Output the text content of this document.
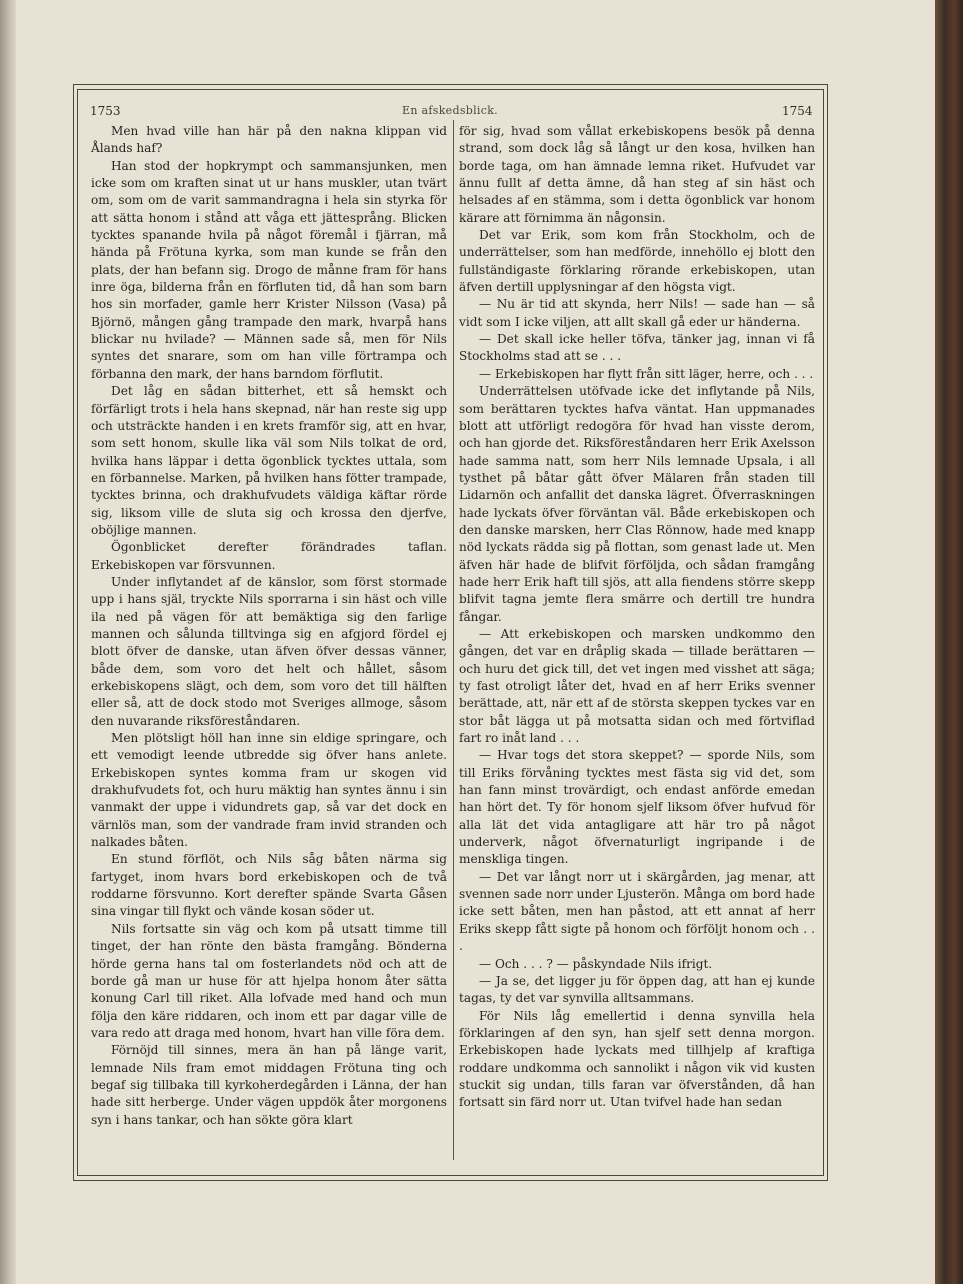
1753	En afskedsblick.	1754

Men hvad ville han här på den nakna klippan vid Ålands haf?

Han stod der hopkrympt och sammansjunken, men icke som om kraften sinat ut ur hans muskler, utan tvärt om, som om de varit sammandragna i hela sin styrka för att sätta honom i stånd att våga ett jättesprång. Blicken tycktes spanande hvila på något föremål i fjärran, må hända på Frötuna kyrka, som man kunde se från den plats, der han befann sig. Drogo de månne fram för hans inre öga, bilderna från en förfluten tid, då han som barn hos sin morfader, gamle herr Krister Nilsson (Vasa) på Björnö, mången gång trampade den mark, hvarpå hans blickar nu hvilade? — Männen sade så, men för Nils syntes det snarare, som om han ville förtrampa och förbanna den mark, der hans barndom förflutit.

Det låg en sådan bitterhet, ett så hemskt och förfärligt trots i hela hans skepnad, när han reste sig upp och utsträckte handen i en krets framför sig, att en hvar, som sett honom, skulle lika väl som Nils tolkat de ord, hvilka hans läppar i detta ögonblick tycktes uttala, som en förbannelse. Marken, på hvilken hans fötter trampade, tycktes brinna, och drakhufvudets väldiga käftar rörde sig, liksom ville de sluta sig och krossa den djerfve, oböjlige mannen.

Ögonblicket derefter förändrades taflan. Erkebiskopen var försvunnen.

Under inflytandet af de känslor, som först stormade upp i hans själ, tryckte Nils sporrarna i sin häst och ville ila ned på vägen för att bemäktiga sig den farlige mannen och sålunda tilltvinga sig en afgjord fördel ej blott öfver de danske, utan äfven öfver dessas vänner, både dem, som voro det helt och hållet, såsom erkebiskopens slägt, och dem, som voro det till hälften eller så, att de dock stodo mot Sveriges allmoge, såsom den nuvarande riksföreståndaren.

Men plötsligt höll han inne sin eldige springare, och ett vemodigt leende utbredde sig öfver hans anlete. Erkebiskopen syntes komma fram ur skogen vid drakhufvudets fot, och huru mäktig han syntes ännu i sin vanmakt der uppe i vidundrets gap, så var det dock en värnlös man, som der vandrade fram invid stranden och nalkades båten.

En stund förflöt, och Nils såg båten närma sig fartyget, inom hvars bord erkebiskopen och de två roddarne försvunno. Kort derefter spände Svarta Gåsen sina vingar till flykt och vände kosan söder ut.

Nils fortsatte sin väg och kom på utsatt timme till tinget, der han rönte den bästa framgång. Bönderna hörde gerna hans tal om fosterlandets nöd och att de borde gå man ur huse för att hjelpa honom åter sätta konung Carl till riket. Alla lofvade med hand och mun följa den käre riddaren, och inom ett par dagar ville de vara redo att draga med honom, hvart han ville föra dem.

Förnöjd till sinnes, mera än han på länge varit, lemnade Nils fram emot middagen Frötuna ting och begaf sig tillbaka till kyrkoherdegården i Länna, der han hade sitt herberge. Under vägen uppdök åter morgonens syn i hans tankar, och han sökte göra klart

för sig, hvad som vållat erkebiskopens besök på denna strand, som dock låg så långt ur den kosa, hvilken han borde taga, om han ämnade lemna riket. Hufvudet var ännu fullt af detta ämne, då han steg af sin häst och helsades af en stämma, som i detta ögonblick var honom kärare att förnimma än någonsin.

Det var Erik, som kom från Stockholm, och de underrättelser, som han medförde, innehöllo ej blott den fullständigaste förklaring rörande erkebiskopen, utan äfven dertill upplysningar af den högsta vigt.

— Nu är tid att skynda, herr Nils! — sade han — så vidt som I icke viljen, att allt skall gå eder ur händerna.

— Det skall icke heller töfva, tänker jag, innan vi få Stockholms stad att se . . .

— Erkebiskopen har flytt från sitt läger, herre, och . . .

Underrättelsen utöfvade icke det inflytande på Nils, som berättaren tycktes hafva väntat. Han uppmanades blott att utförligt redogöra för hvad han visste derom, och han gjorde det. Riksföreståndaren herr Erik Axelsson hade samma natt, som herr Nils lemnade Upsala, i all tysthet på båtar gått öfver Mälaren från staden till Lidarnön och anfallit det danska lägret. Öfverraskningen hade lyckats öfver förväntan väl. Både erkebiskopen och den danske marsken, herr Clas Rönnow, hade med knapp nöd lyckats rädda sig på flottan, som genast lade ut. Men äfven här hade de blifvit förföljda, och sådan framgång hade herr Erik haft till sjös, att alla fiendens större skepp blifvit tagna jemte flera smärre och dertill tre hundra fångar.

— Att erkebiskopen och marsken undkommo den gången, det var en dråplig skada — tillade berättaren — och huru det gick till, det vet ingen med visshet att säga; ty fast otroligt låter det, hvad en af herr Eriks svenner berättade, att, när ett af de största skeppen tyckes var en stor båt lägga ut på motsatta sidan och med förtviflad fart ro inåt land . . .

— Hvar togs det stora skeppet? — sporde Nils, som till Eriks förvåning tycktes mest fästa sig vid det, som han fann minst trovärdigt, och endast anförde emedan han hört det. Ty för honom sjelf liksom öfver hufvud för alla lät det vida antagligare att här tro på något underverk, något öfvernaturligt ingripande i de menskliga tingen.

— Det var långt norr ut i skärgården, jag menar, att svennen sade norr under Ljusterön. Många om bord hade icke sett båten, men han påstod, att ett annat af herr Eriks skepp fått sigte på honom och förföljt honom och . . .

— Och . . . ? — påskyndade Nils ifrigt.

— Ja se, det ligger ju för öppen dag, att han ej kunde tagas, ty det var synvilla alltsammans.

För Nils låg emellertid i denna synvilla hela förklaringen af den syn, han sjelf sett denna morgon. Erkebiskopen hade lyckats med tillhjelp af kraftiga roddare undkomma och sannolikt i någon vik vid kusten stuckit sig undan, tills faran var öfverstånden, då han fortsatt sin färd norr ut. Utan tvifvel hade han sedan
